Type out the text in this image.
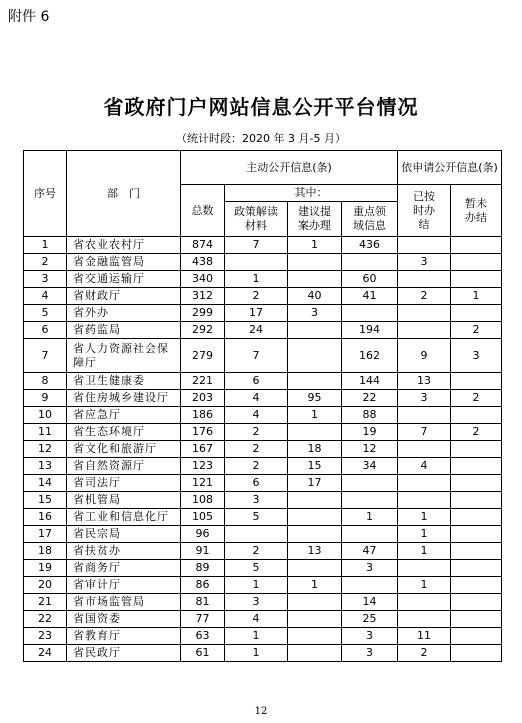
附件 6
省政府门户网站信息公开平台情况
（统计时段：2020 年 3 月-5 月）
序号	部　门	主动公开信息(条)				依申请公开信息(条)	
		总数	其中：			已按时办结	暂未办结
			政策解读材料	建议提案办理	重点领域信息		
1	省农业农村厅	874	7	1	436		
2	省金融监管局	438				3	
3	省交通运输厅	340	1		60		
4	省财政厅	312	2	40	41	2	1
5	省外办	299	17	3			
6	省药监局	292	24		194		2
7	省人力资源社会保障厅	279	7		162	9	3
8	省卫生健康委	221	6		144	13	
9	省住房城乡建设厅	203	4	95	22	3	2
10	省应急厅	186	4	1	88		
11	省生态环境厅	176	2		19	7	2
12	省文化和旅游厅	167	2	18	12		
13	省自然资源厅	123	2	15	34	4	
14	省司法厅	121	6	17			
15	省机管局	108	3				
16	省工业和信息化厅	105	5		1	1	
17	省民宗局	96				1	
18	省扶贫办	91	2	13	47	1	
19	省商务厅	89	5		3		
20	省审计厅	86	1	1		1	
21	省市场监管局	81	3		14		
22	省国资委	77	4		25		
23	省教育厅	63	1		3	11	
24	省民政厅	61	1		3	2	
12
